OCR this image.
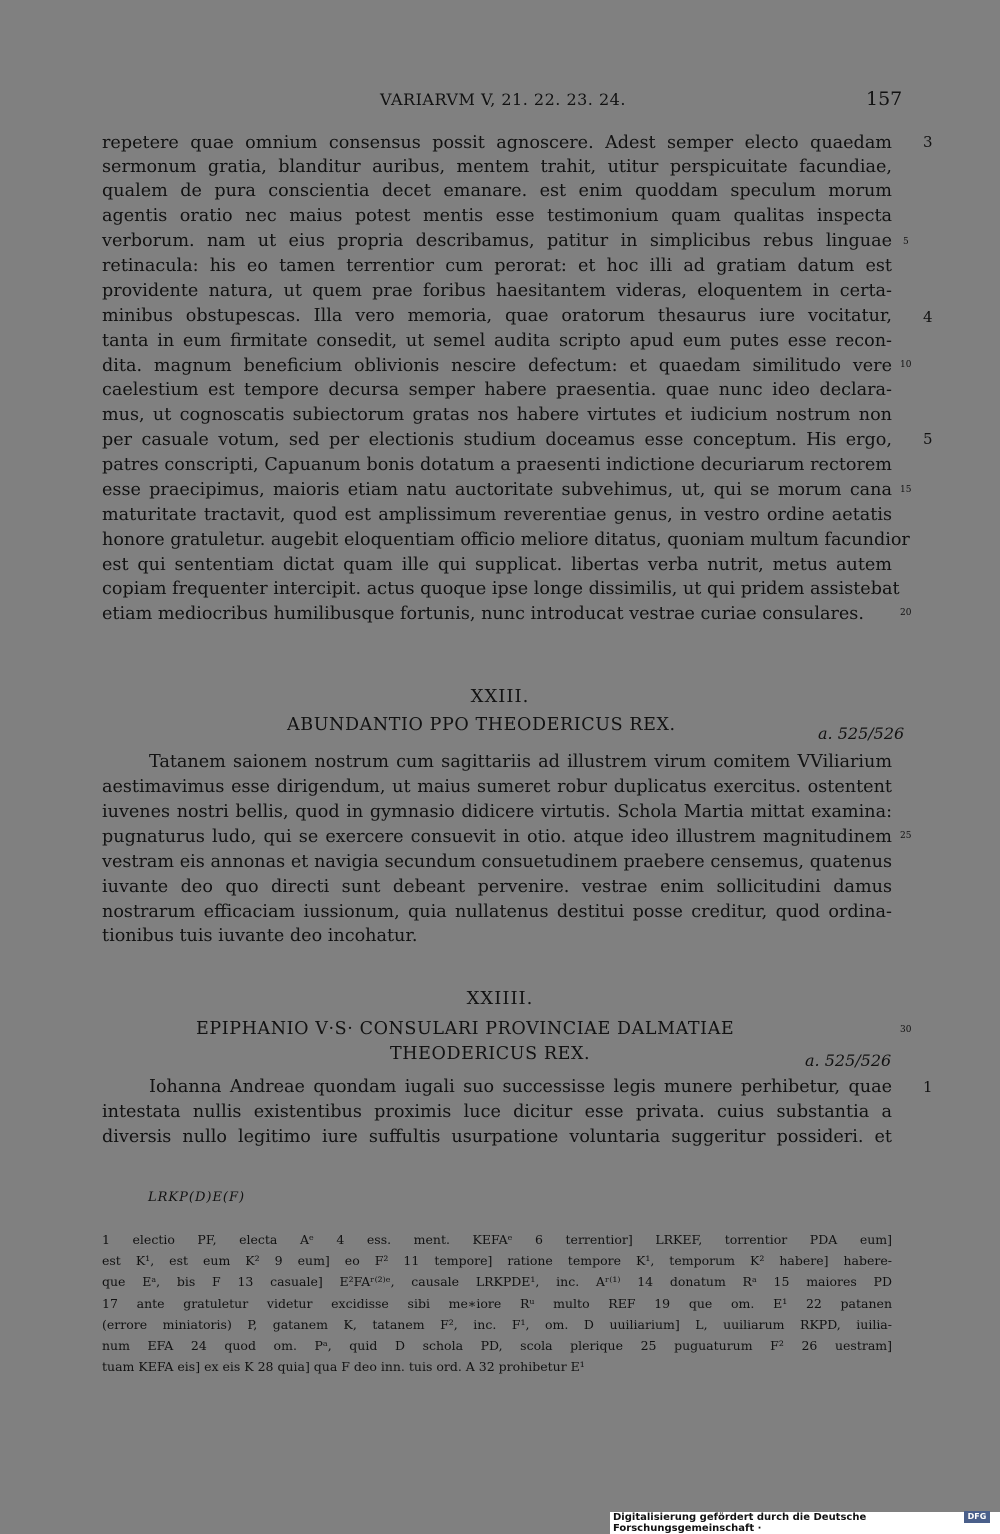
VARIARVM V, 21. 22. 23. 24.	157
repetere quae omnium consensus possit agnoscere. Adest semper electo quaedam
sermonum gratia, blanditur auribus, mentem trahit, utitur perspicuitate facundiae,
qualem de pura conscientia decet emanare. est enim quoddam speculum morum
agentis oratio nec maius potest mentis esse testimonium quam qualitas inspecta
verborum. nam ut eius propria describamus, patitur in simplicibus rebus linguae
retinacula: his eo tamen terrentior cum perorat: et hoc illi ad gratiam datum est
providente natura, ut quem prae foribus haesitantem videras, eloquentem in certa-
minibus obstupescas. Illa vero memoria, quae oratorum thesaurus iure vocitatur,
tanta in eum firmitate consedit, ut semel audita scripto apud eum putes esse recon-
dita. magnum beneficium oblivionis nescire defectum: et quaedam similitudo vere
caelestium est tempore decursa semper habere praesentia. quae nunc ideo declara-
mus, ut cognoscatis subiectorum gratas nos habere virtutes et iudicium nostrum non
per casuale votum, sed per electionis studium doceamus esse conceptum. His ergo,
patres conscripti, Capuanum bonis dotatum a praesenti indictione decuriarum rectorem
esse praecipimus, maioris etiam natu auctoritate subvehimus, ut, qui se morum cana
maturitate tractavit, quod est amplissimum reverentiae genus, in vestro ordine aetatis
honore gratuletur. augebit eloquentiam officio meliore ditatus, quoniam multum facundior
est qui sententiam dictat quam ille qui supplicat. libertas verba nutrit, metus autem
copiam frequenter intercipit. actus quoque ipse longe dissimilis, ut qui pridem assistebat
etiam mediocribus humilibusque fortunis, nunc introducat vestrae curiae consulares.
3
5
4
10
5
15
20
XXIII.
ABUNDANTIO PPO THEODERICUS REX.	a. 525/526
Tatanem saionem nostrum cum sagittariis ad illustrem virum comitem VViliarium
aestimavimus esse dirigendum, ut maius sumeret robur duplicatus exercitus. ostentent
iuvenes nostri bellis, quod in gymnasio didicere virtutis. Schola Martia mittat examina:
pugnaturus ludo, qui se exercere consuevit in otio. atque ideo illustrem magnitudinem
vestram eis annonas et navigia secundum consuetudinem praebere censemus, quatenus
iuvante deo quo directi sunt debeant pervenire. vestrae enim sollicitudini damus
nostrarum efficaciam iussionum, quia nullatenus destitui posse creditur, quod ordina-
tionibus tuis iuvante deo incohatur.
25
XXIIII.
EPIPHANIO V·S· CONSULARI PROVINCIAE DALMATIAE	30
THEODERICUS REX.	a. 525/526
Iohanna Andreae quondam iugali suo successisse legis munere perhibetur, quae
intestata nullis existentibus proximis luce dicitur esse privata. cuius substantia a
diversis nullo legitimo iure suffultis usurpatione voluntaria suggeritur possideri. et
1
LRKP(D)E(F)
1 electio PF, electa Aᵉ 4 ess. ment. KEFAᵉ 6 terrentior] LRKEF, torrentior PDA eum]
est K¹, est eum K² 9 eum] eo F² 11 tempore] ratione tempore K¹, temporum K² habere] habere-
que Eᵃ, bis F 13 casuale] E²FAʳ⁽²⁾ᵉ, causale LRKPDE¹, inc. Aʳ⁽¹⁾ 14 donatum Rᵃ 15 maiores PD
17 ante gratuletur videtur excidisse sibi me∗iore Rᵘ multo REF 19 que om. E¹ 22 patanen
(errore miniatoris) P, gatanem K, tatanem F², inc. F¹, om. D uuiliarium] L, uuiliarum RKPD, iuilia-
num EFA 24 quod om. Pᵃ, quid D schola PD, scola plerique 25 puguaturum F² 26 uestram]
tuam KEFA eis] ex eis K 28 quia] qua F deo inn. tuis ord. A 32 prohibetur E¹
Digitalisierung gefördert durch die Deutsche Forschungsgemeinschaft ·
DFG
